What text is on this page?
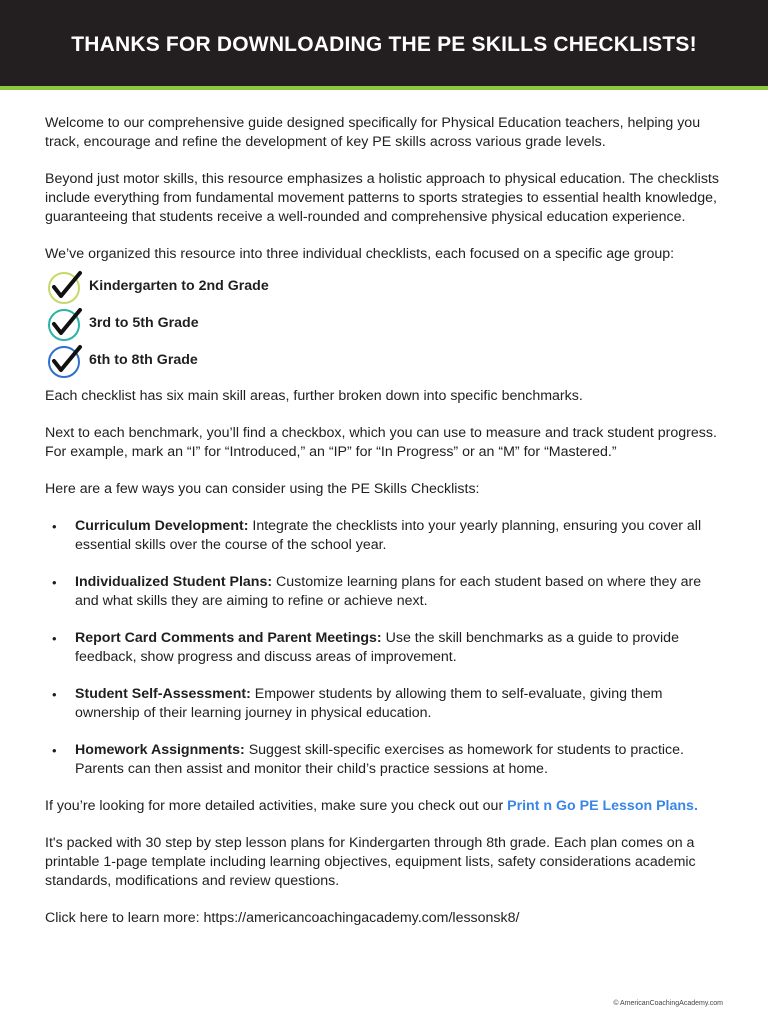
THANKS FOR DOWNLOADING THE PE SKILLS CHECKLISTS!

Welcome to our comprehensive guide designed specifically for Physical Education teachers, helping you track, encourage and refine the development of key PE skills across various grade levels.

Beyond just motor skills, this resource emphasizes a holistic approach to physical education. The checklists include everything from fundamental movement patterns to sports strategies to essential health knowledge, guaranteeing that students receive a well-rounded and comprehensive physical education experience.

We’ve organized this resource into three individual checklists, each focused on a specific age group:

Kindergarten to 2nd Grade
3rd to 5th Grade
6th to 8th Grade

Each checklist has six main skill areas, further broken down into specific benchmarks.

Next to each benchmark, you’ll find a checkbox, which you can use to measure and track student progress. For example, mark an “I” for “Introduced,” an “IP” for “In Progress” or an “M” for “Mastered.”

Here are a few ways you can consider using the PE Skills Checklists:

• Curriculum Development: Integrate the checklists into your yearly planning, ensuring you cover all essential skills over the course of the school year.
• Individualized Student Plans: Customize learning plans for each student based on where they are and what skills they are aiming to refine or achieve next.
• Report Card Comments and Parent Meetings: Use the skill benchmarks as a guide to provide feedback, show progress and discuss areas of improvement.
• Student Self-Assessment: Empower students by allowing them to self-evaluate, giving them ownership of their learning journey in physical education.
• Homework Assignments: Suggest skill-specific exercises as homework for students to practice. Parents can then assist and monitor their child’s practice sessions at home.

If you’re looking for more detailed activities, make sure you check out our Print n Go PE Lesson Plans.

It's packed with 30 step by step lesson plans for Kindergarten through 8th grade. Each plan comes on a printable 1-page template including learning objectives, equipment lists, safety considerations academic standards, modifications and review questions.

Click here to learn more: https://americancoachingacademy.com/lessonsk8/

© AmericanCoachingAcademy.com
